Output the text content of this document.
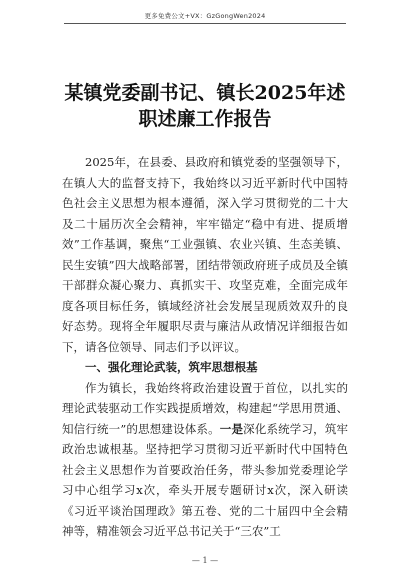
更多免费公文+VX：GzGongWen2024
某镇党委副书记、镇长2025年述职述廉工作报告

2025年，在县委、县政府和镇党委的坚强领导下，在镇人大的监督支持下，我始终以习近平新时代中国特色社会主义思想为根本遵循，深入学习贯彻党的二十大及二十届历次全会精神，牢牢锚定“稳中有进、提质增效”工作基调，聚焦“工业强镇、农业兴镇、生态美镇、民生安镇”四大战略部署，团结带领政府班子成员及全镇干部群众凝心聚力、真抓实干、攻坚克难，全面完成年度各项目标任务，镇域经济社会发展呈现质效双升的良好态势。现将全年履职尽责与廉洁从政情况详细报告如下，请各位领导、同志们予以评议。

一、强化理论武装，筑牢思想根基

作为镇长，我始终将政治建设置于首位，以扎实的理论武装驱动工作实践提质增效，构建起“学思用贯通、知信行统一”的思想建设体系。一是深化系统学习，筑牢政治忠诚根基。坚持把学习贯彻习近平新时代中国特色社会主义思想作为首要政治任务，带头参加党委理论学习中心组学习x次，牵头开展专题研讨x次，深入研读《习近平谈治国理政》第五卷、党的二十届四中全会精神等，精准领会习近平总书记关于“三农”工

— 1 —
